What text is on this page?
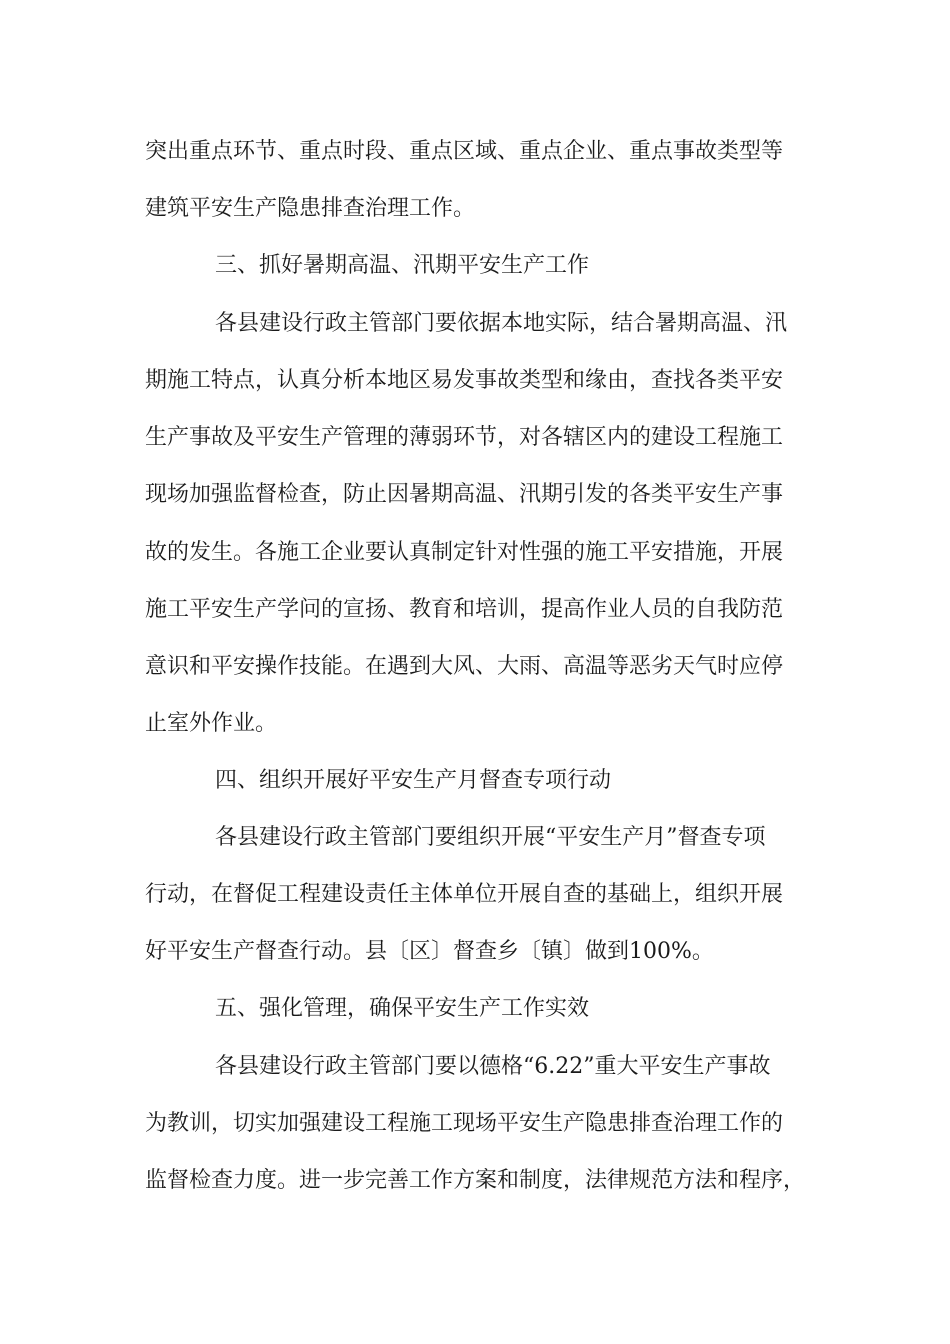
突出重点环节、重点时段、重点区域、重点企业、重点事故类型等

建筑平安生产隐患排查治理工作。

三、抓好暑期高温、汛期平安生产工作

各县建设行政主管部门要依据本地实际，结合暑期高温、汛

期施工特点，认真分析本地区易发事故类型和缘由，查找各类平安

生产事故及平安生产管理的薄弱环节，对各辖区内的建设工程施工

现场加强监督检查，防止因暑期高温、汛期引发的各类平安生产事

故的发生。各施工企业要认真制定针对性强的施工平安措施，开展

施工平安生产学问的宣扬、教育和培训，提高作业人员的自我防范

意识和平安操作技能。在遇到大风、大雨、高温等恶劣天气时应停

止室外作业。

四、组织开展好平安生产月督查专项行动

各县建设行政主管部门要组织开展“平安生产月”督查专项

行动，在督促工程建设责任主体单位开展自查的基础上，组织开展

好平安生产督查行动。县〔区〕督查乡〔镇〕做到100%。

五、强化管理，确保平安生产工作实效

各县建设行政主管部门要以德格“6.22”重大平安生产事故

为教训，切实加强建设工程施工现场平安生产隐患排查治理工作的

监督检查力度。进一步完善工作方案和制度，法律规范方法和程序，
